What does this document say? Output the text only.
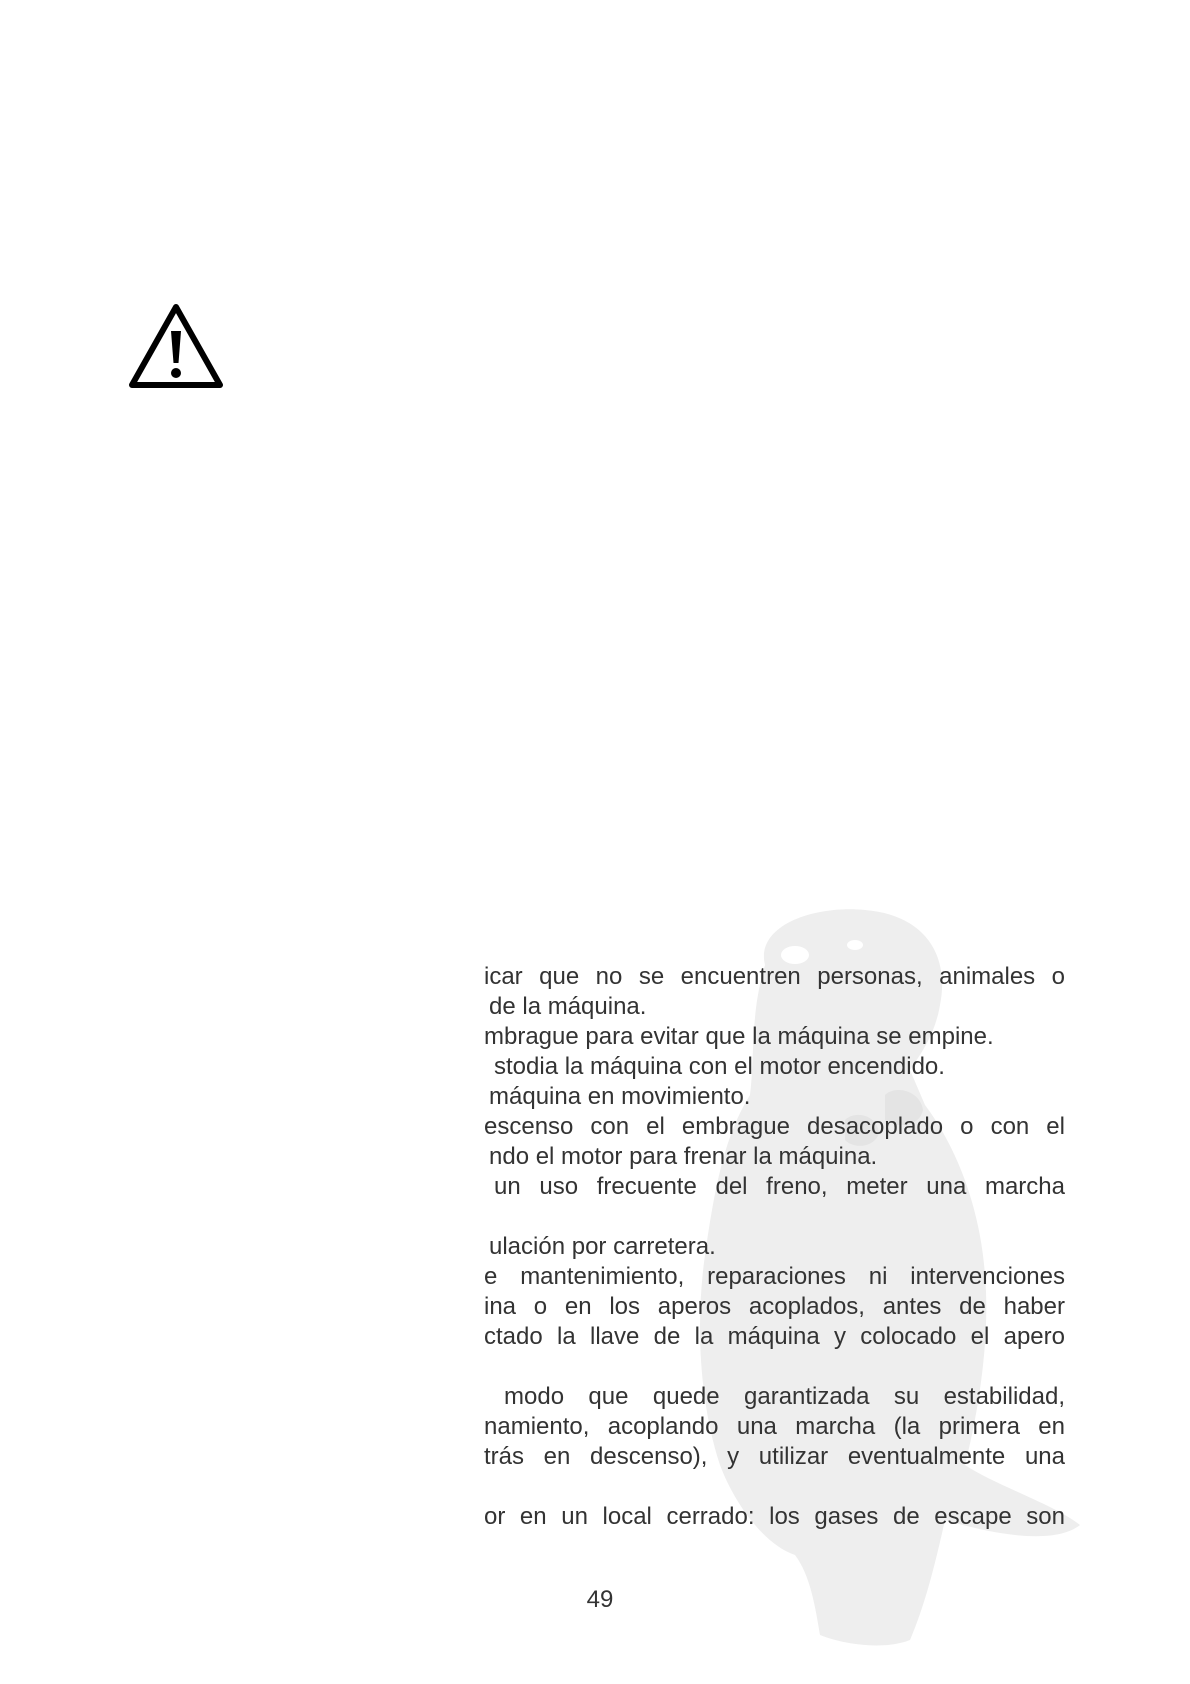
icar que no se encuentren personas, animales o
de la máquina.
mbrague para evitar que la máquina se empine.
stodia la máquina con el motor encendido.
máquina en movimiento.
escenso con el embrague desacoplado o con el
ndo el motor para frenar la máquina.
un uso frecuente del freno, meter una marcha
ulación por carretera.
e mantenimiento, reparaciones ni intervenciones
ina o en los aperos acoplados, antes de haber
ctado la llave de la máquina y colocado el apero
modo que quede garantizada su estabilidad,
namiento, acoplando una marcha (la primera en
trás en descenso), y utilizar eventualmente una
or en un local cerrado: los gases de escape son
49
